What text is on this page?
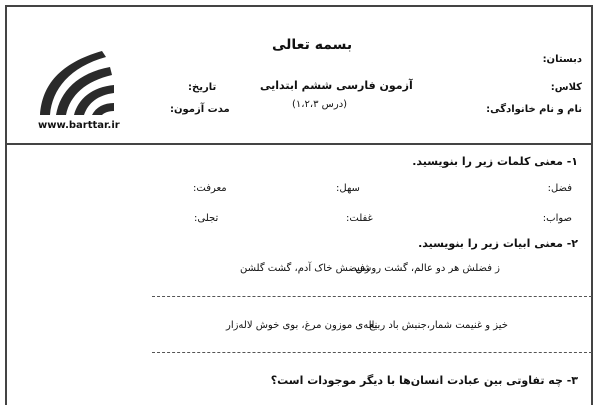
بسمه تعالی
دبستان:
کلاس:
نام و نام خانوادگی:
آزمون فارسی ششم ابتدایی
(درس ۱،۲،۳)
تاریخ:
مدت آزمون:
www.barttar.ir
۱- معنی کلمات زیر را بنویسید.
فضل:
سهل:
معرفت:
صواب:
غفلت:
تجلی:
۲- معنی ابیات زیر را بنویسید.
ز فضلش هر دو عالم، گشت روشن
زفیضش خاک آدم، گشت گلشن
خیز و غنیمت شمار،جنبش باد ربیع
ناله‌ی موزون مرغ، بوی خوش لاله‌زار
۳- چه تفاوتی بین عبادت انسان‌ها با دیگر موجودات است؟
